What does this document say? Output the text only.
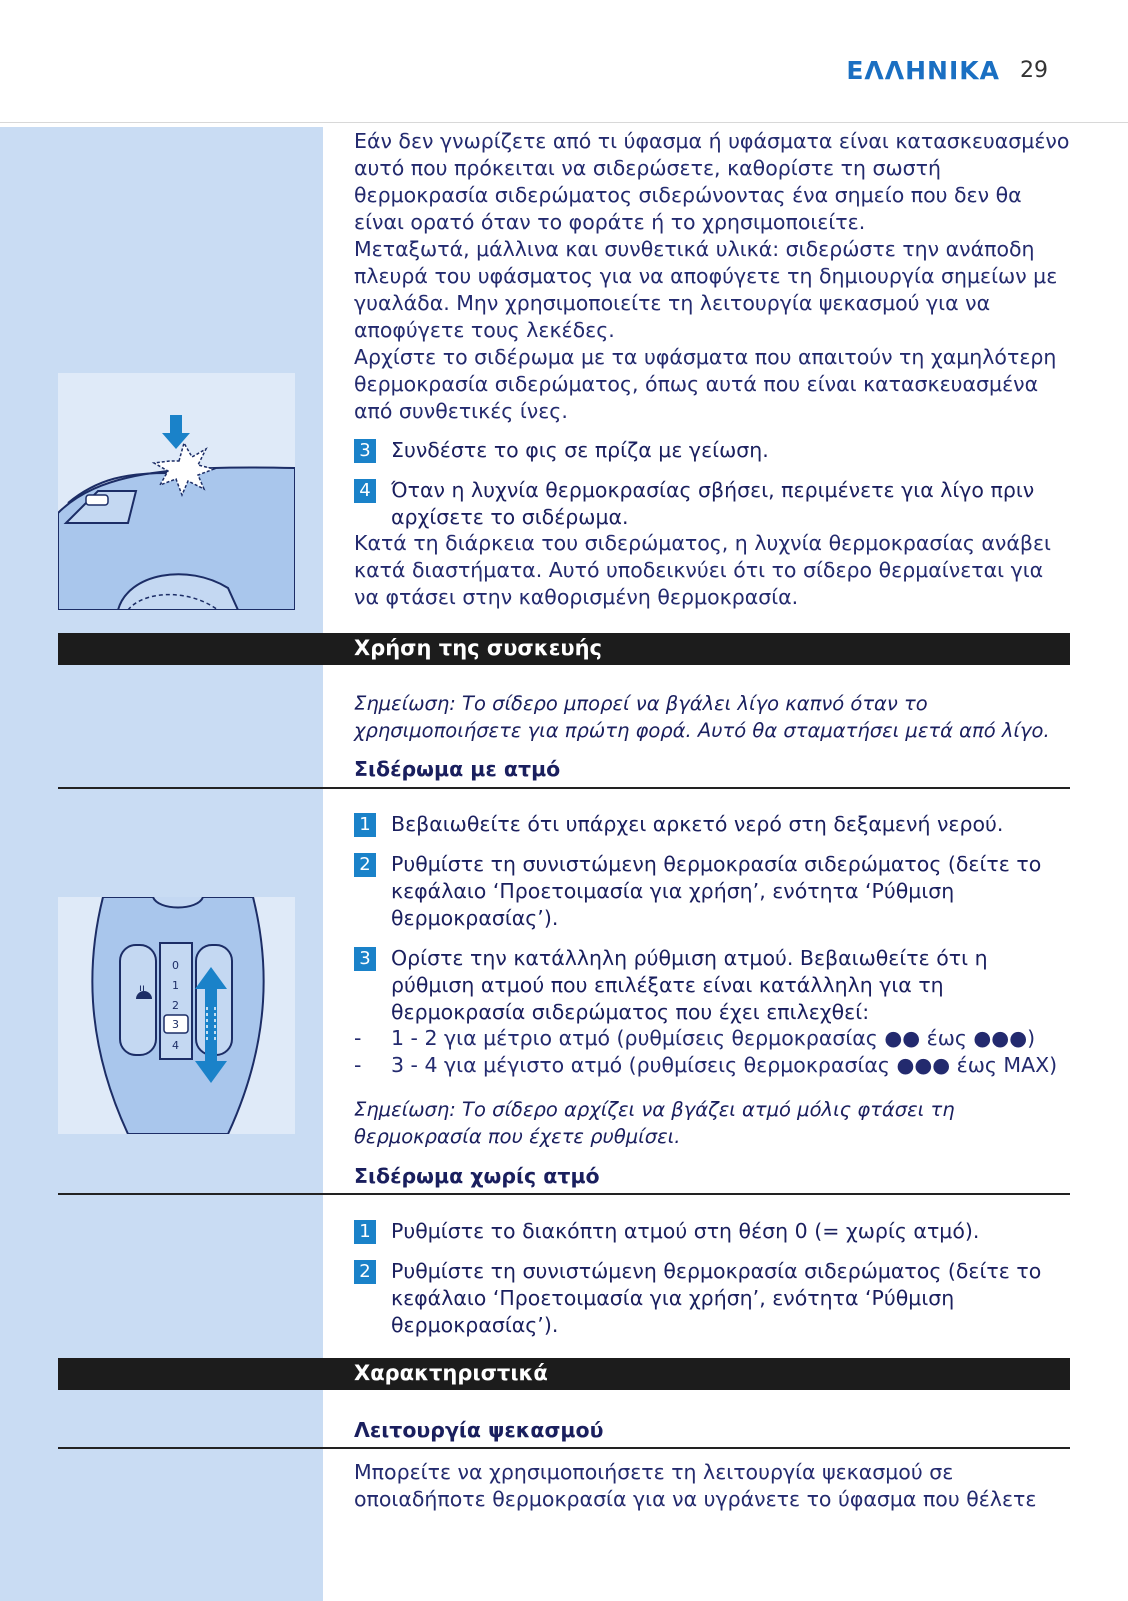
ΕΛΛΗΝΙΚΑ 29
ⵑⵑ
0
1
2
3
4

Εάν δεν γνωρίζετε από τι ύφασμα ή υφάσματα είναι κατασκευασμένο αυτό που πρόκειται να σιδερώσετε, καθορίστε τη σωστή θερμοκρασία σιδερώματος σιδερώνοντας ένα σημείο που δεν θα είναι ορατό όταν το φοράτε ή το χρησιμοποιείτε.

Μεταξωτά, μάλλινα και συνθετικά υλικά: σιδερώστε την ανάποδη πλευρά του υφάσματος για να αποφύγετε τη δημιουργία σημείων με γυαλάδα. Μην χρησιμοποιείτε τη λειτουργία ψεκασμού για να αποφύγετε τους λεκέδες.

Αρχίστε το σιδέρωμα με τα υφάσματα που απαιτούν τη χαμηλότερη θερμοκρασία σιδερώματος, όπως αυτά που είναι κατασκευασμένα από συνθετικές ίνες.

3 Συνδέστε το φις σε πρίζα με γείωση.
4 Όταν η λυχνία θερμοκρασίας σβήσει, περιμένετε για λίγο πριν αρχίσετε το σιδέρωμα.
Κατά τη διάρκεια του σιδερώματος, η λυχνία θερμοκρασίας ανάβει κατά διαστήματα. Αυτό υποδεικνύει ότι το σίδερο θερμαίνεται για να φτάσει στην καθορισμένη θερμοκρασία.
Χρήση της συσκευής
Σημείωση: Το σίδερο μπορεί να βγάλει λίγο καπνό όταν το χρησιμοποιήσετε για πρώτη φορά. Αυτό θα σταματήσει μετά από λίγο.
Σιδέρωμα με ατμό
1 Βεβαιωθείτε ότι υπάρχει αρκετό νερό στη δεξαμενή νερού.
2 Ρυθμίστε τη συνιστώμενη θερμοκρασία σιδερώματος (δείτε το κεφάλαιο ‘Προετοιμασία για χρήση’, ενότητα ‘Ρύθμιση θερμοκρασίας’).
3 Ορίστε την κατάλληλη ρύθμιση ατμού. Βεβαιωθείτε ότι η ρύθμιση ατμού που επιλέξατε είναι κατάλληλη για τη θερμοκρασία σιδερώματος που έχει επιλεχθεί:
- 1 - 2 για μέτριο ατμό (ρυθμίσεις θερμοκρασίας ●● έως ●●●)
- 3 - 4 για μέγιστο ατμό (ρυθμίσεις θερμοκρασίας ●●● έως MAX)
Σημείωση: Το σίδερο αρχίζει να βγάζει ατμό μόλις φτάσει τη θερμοκρασία που έχετε ρυθμίσει.
Σιδέρωμα χωρίς ατμό
1 Ρυθμίστε το διακόπτη ατμού στη θέση 0 (= χωρίς ατμό).
2 Ρυθμίστε τη συνιστώμενη θερμοκρασία σιδερώματος (δείτε το κεφάλαιο ‘Προετοιμασία για χρήση’, ενότητα ‘Ρύθμιση θερμοκρασίας’).
Χαρακτηριστικά
Λειτουργία ψεκασμού
Μπορείτε να χρησιμοποιήσετε τη λειτουργία ψεκασμού σε οποιαδήποτε θερμοκρασία για να υγράνετε το ύφασμα που θέλετε
